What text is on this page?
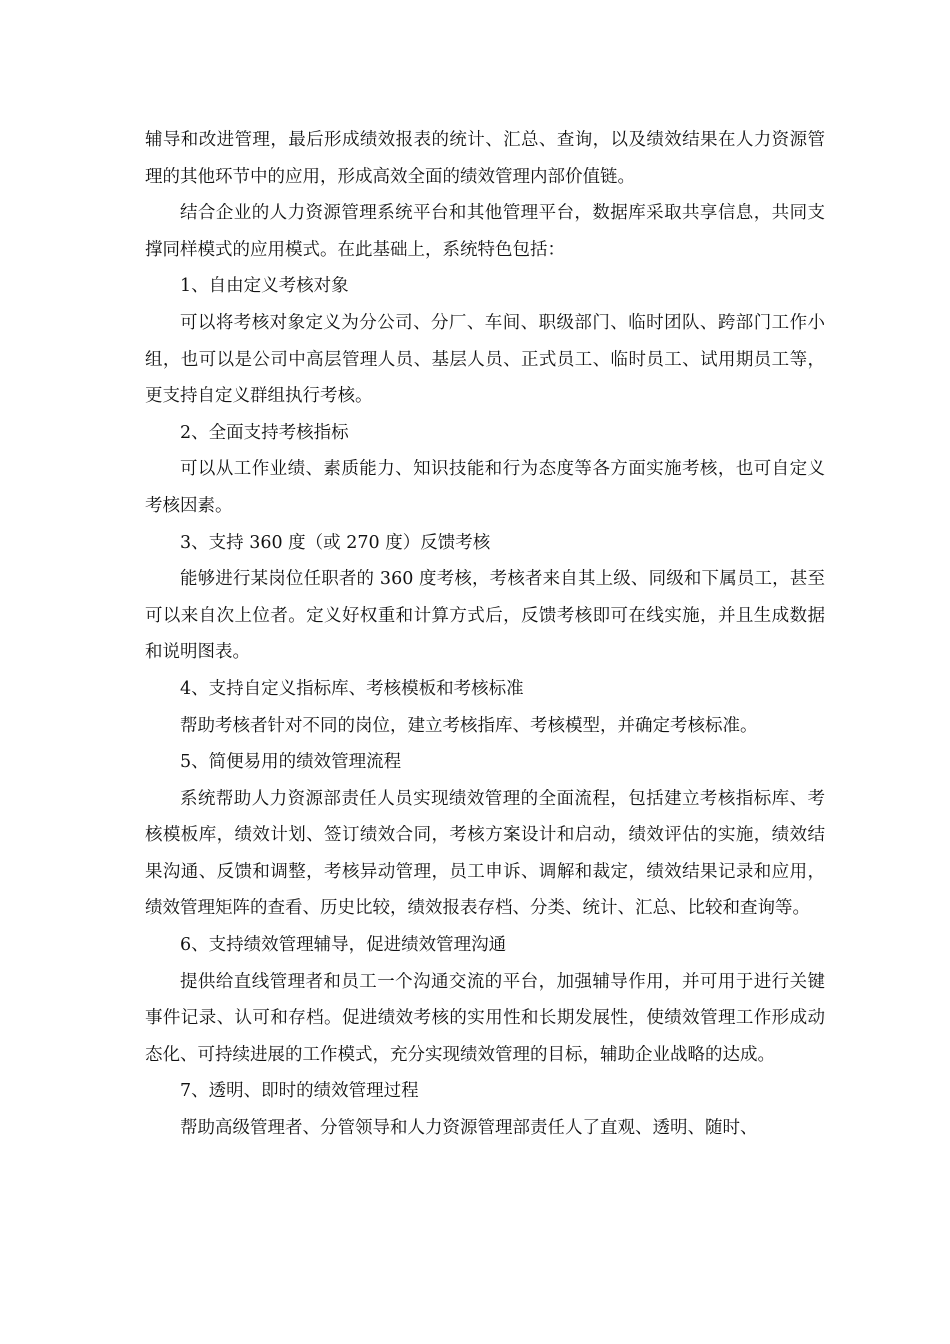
辅导和改进管理，最后形成绩效报表的统计、汇总、查询，以及绩效结果在人力资源管理的其他环节中的应用，形成高效全面的绩效管理内部价值链。

结合企业的人力资源管理系统平台和其他管理平台，数据库采取共享信息，共同支撑同样模式的应用模式。在此基础上，系统特色包括：

1、自由定义考核对象

可以将考核对象定义为分公司、分厂、车间、职级部门、临时团队、跨部门工作小组，也可以是公司中高层管理人员、基层人员、正式员工、临时员工、试用期员工等，更支持自定义群组执行考核。

2、全面支持考核指标

可以从工作业绩、素质能力、知识技能和行为态度等各方面实施考核，也可自定义考核因素。

3、支持 360 度（或 270 度）反馈考核

能够进行某岗位任职者的 360 度考核，考核者来自其上级、同级和下属员工，甚至可以来自次上位者。定义好权重和计算方式后，反馈考核即可在线实施，并且生成数据和说明图表。

4、支持自定义指标库、考核模板和考核标准

帮助考核者针对不同的岗位，建立考核指库、考核模型，并确定考核标准。

5、简便易用的绩效管理流程

系统帮助人力资源部责任人员实现绩效管理的全面流程，包括建立考核指标库、考核模板库，绩效计划、签订绩效合同，考核方案设计和启动，绩效评估的实施，绩效结果沟通、反馈和调整，考核异动管理，员工申诉、调解和裁定，绩效结果记录和应用，绩效管理矩阵的查看、历史比较，绩效报表存档、分类、统计、汇总、比较和查询等。

6、支持绩效管理辅导，促进绩效管理沟通

提供给直线管理者和员工一个沟通交流的平台，加强辅导作用，并可用于进行关键事件记录、认可和存档。促进绩效考核的实用性和长期发展性，使绩效管理工作形成动态化、可持续进展的工作模式，充分实现绩效管理的目标，辅助企业战略的达成。

7、透明、即时的绩效管理过程

帮助高级管理者、分管领导和人力资源管理部责任人了直观、透明、随时、
